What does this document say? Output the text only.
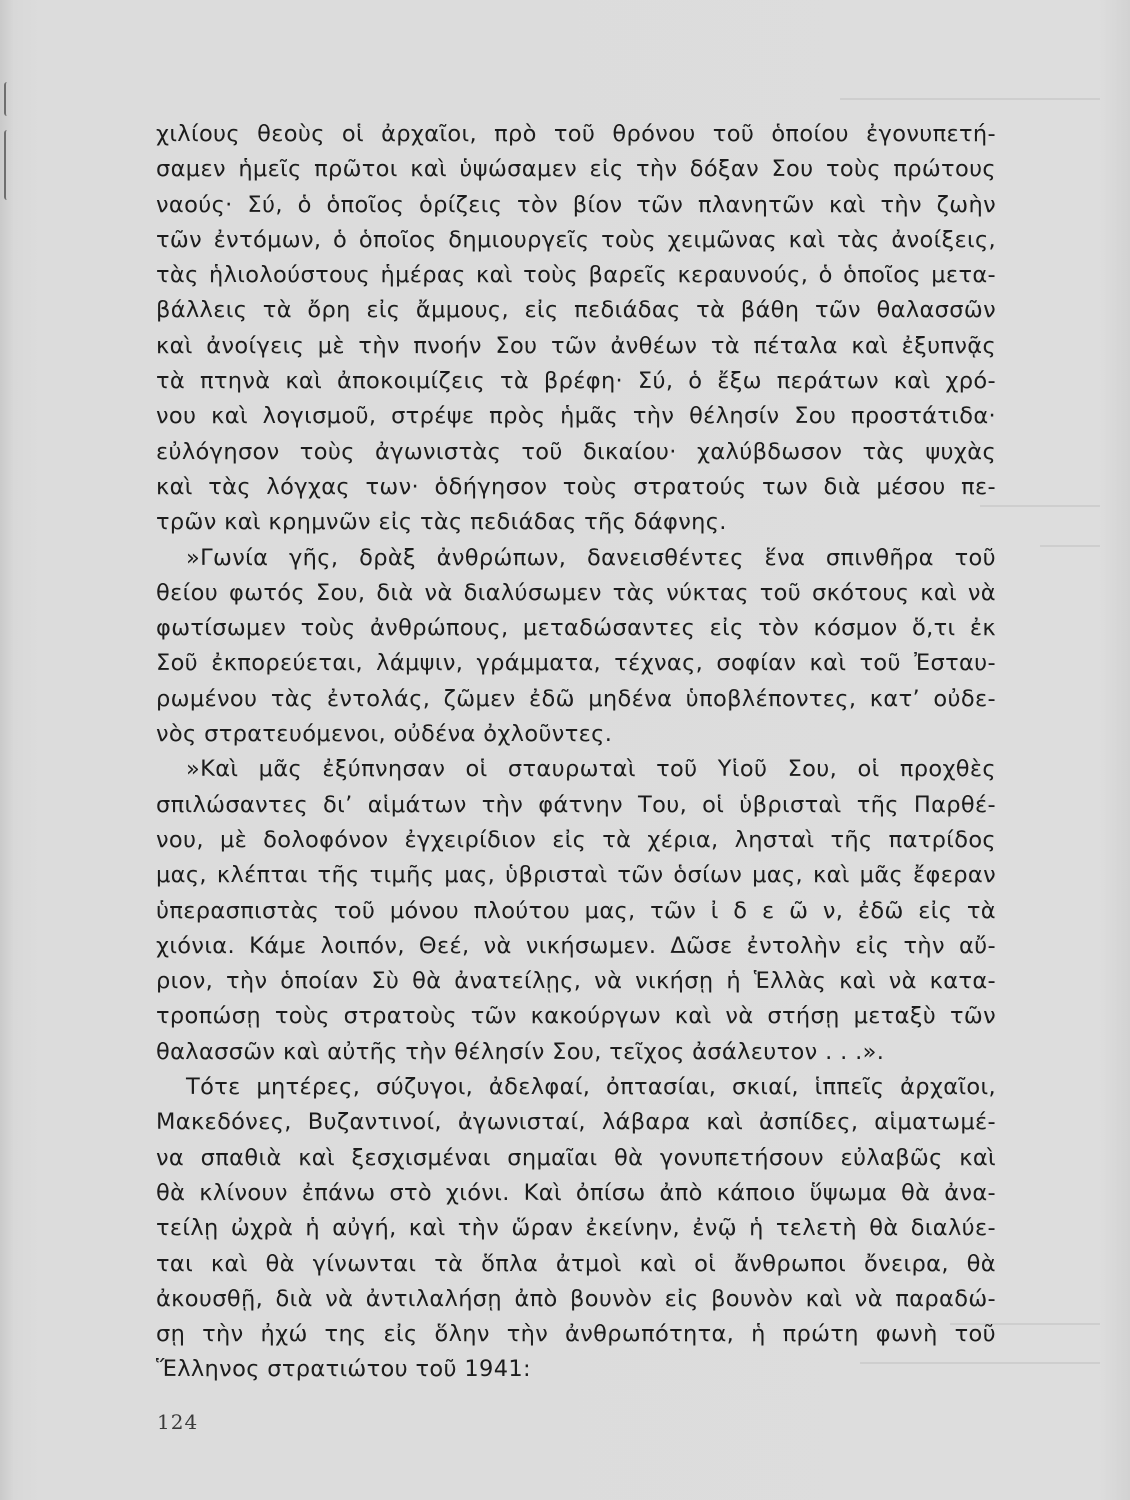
χιλίους θεοὺς οἱ ἀρχαῖοι, πρὸ τοῦ θρόνου τοῦ ὁποίου ἐγονυπετή-
σαμεν ἡμεῖς πρῶτοι καὶ ὑψώσαμεν εἰς τὴν δόξαν Σου τοὺς πρώτους
ναούς· Σύ, ὁ ὁποῖος ὁρίζεις τὸν βίον τῶν πλανητῶν καὶ τὴν ζωὴν
τῶν ἐντόμων, ὁ ὁποῖος δημιουργεῖς τοὺς χειμῶνας καὶ τὰς ἀνοίξεις,
τὰς ἡλιολούστους ἡμέρας καὶ τοὺς βαρεῖς κεραυνούς, ὁ ὁποῖος μετα-
βάλλεις τὰ ὄρη εἰς ἄμμους, εἰς πεδιάδας τὰ βάθη τῶν θαλασσῶν
καὶ ἀνοίγεις μὲ τὴν πνοήν Σου τῶν ἀνθέων τὰ πέταλα καὶ ἐξυπνᾷς
τὰ πτηνὰ καὶ ἀποκοιμίζεις τὰ βρέφη· Σύ, ὁ ἔξω περάτων καὶ χρό-
νου καὶ λογισμοῦ, στρέψε πρὸς ἡμᾶς τὴν θέλησίν Σου προστάτιδα·
εὐλόγησον τοὺς ἀγωνιστὰς τοῦ δικαίου· χαλύβδωσον τὰς ψυχὰς
καὶ τὰς λόγχας των· ὁδήγησον τοὺς στρατούς των διὰ μέσου πε-
τρῶν καὶ κρημνῶν εἰς τὰς πεδιάδας τῆς δάφνης.
»Γωνία γῆς, δρὰξ ἀνθρώπων, δανεισθέντες ἕνα σπινθῆρα τοῦ
θείου φωτός Σου, διὰ νὰ διαλύσωμεν τὰς νύκτας τοῦ σκότους καὶ νὰ
φωτίσωμεν τοὺς ἀνθρώπους, μεταδώσαντες εἰς τὸν κόσμον ὅ,τι ἐκ
Σοῦ ἐκπορεύεται, λάμψιν, γράμματα, τέχνας, σοφίαν καὶ τοῦ Ἐσταυ-
ρωμένου τὰς ἐντολάς, ζῶμεν ἐδῶ μηδένα ὑποβλέποντες, κατ’ οὐδε-
νὸς στρατευόμενοι, οὐδένα ὀχλοῦντες.
»Καὶ μᾶς ἐξύπνησαν οἱ σταυρωταὶ τοῦ Υἱοῦ Σου, οἱ προχθὲς
σπιλώσαντες δι’ αἱμάτων τὴν φάτνην Του, οἱ ὑβρισταὶ τῆς Παρθέ-
νου, μὲ δολοφόνον ἐγχειρίδιον εἰς τὰ χέρια, λησταὶ τῆς πατρίδος
μας, κλέπται τῆς τιμῆς μας, ὑβρισταὶ τῶν ὁσίων μας, καὶ μᾶς ἔφεραν
ὑπερασπιστὰς τοῦ μόνου πλούτου μας, τῶν ἰ δ ε ῶ ν, ἐδῶ εἰς τὰ
χιόνια. Κάμε λοιπόν, Θεέ, νὰ νικήσωμεν. Δῶσε ἐντολὴν εἰς τὴν αὔ-
ριον, τὴν ὁποίαν Σὺ θὰ ἀνατείλῃς, νὰ νικήσῃ ἡ Ἑλλὰς καὶ νὰ κατα-
τροπώσῃ τοὺς στρατοὺς τῶν κακούργων καὶ νὰ στήσῃ μεταξὺ τῶν
θαλασσῶν καὶ αὐτῆς τὴν θέλησίν Σου, τεῖχος ἀσάλευτον . . .».
Τότε μητέρες, σύζυγοι, ἀδελφαί, ὀπτασίαι, σκιαί, ἱππεῖς ἀρχαῖοι,
Μακεδόνες, Βυζαντινοί, ἀγωνισταί, λάβαρα καὶ ἀσπίδες, αἱματωμέ-
να σπαθιὰ καὶ ξεσχισμέναι σημαῖαι θὰ γονυπετήσουν εὐλαβῶς καὶ
θὰ κλίνουν ἐπάνω στὸ χιόνι. Καὶ ὀπίσω ἀπὸ κάποιο ὕψωμα θὰ ἀνα-
τείλῃ ὠχρὰ ἡ αὐγή, καὶ τὴν ὥραν ἐκείνην, ἐνῷ ἡ τελετὴ θὰ διαλύε-
ται καὶ θὰ γίνωνται τὰ ὅπλα ἀτμοὶ καὶ οἱ ἄνθρωποι ὄνειρα, θὰ
ἀκουσθῇ, διὰ νὰ ἀντιλαλήσῃ ἀπὸ βουνὸν εἰς βουνὸν καὶ νὰ παραδώ-
σῃ τὴν ἠχώ της εἰς ὅλην τὴν ἀνθρωπότητα, ἡ πρώτη φωνὴ τοῦ
Ἕλληνος στρατιώτου τοῦ 1941:
124
